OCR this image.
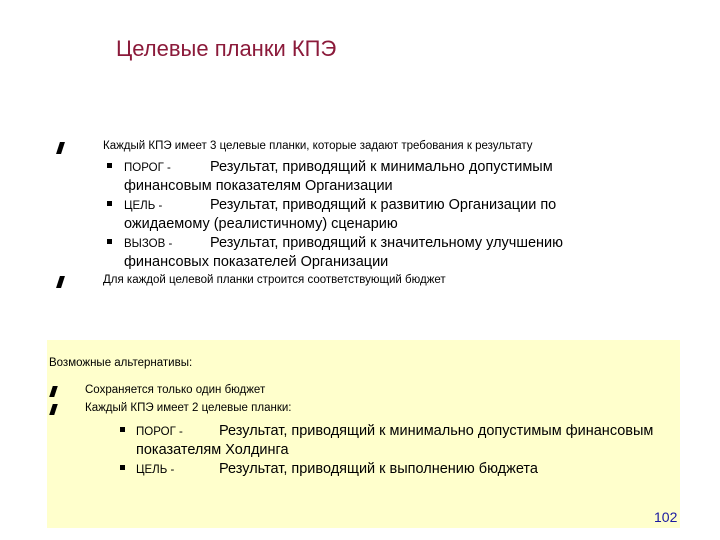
Целевые планки КПЭ
Каждый КПЭ имеет 3 целевые планки, которые задают требования к результату
ПОРОГ -	Результат, приводящий к минимально допустимым
финансовым показателям Организации
ЦЕЛЬ -	Результат, приводящий к развитию Организации по
ожидаемому (реалистичному) сценарию
ВЫЗОВ -	Результат, приводящий к значительному улучшению
финансовых показателей Организации
Для каждой целевой планки строится соответствующий бюджет
Возможные альтернативы:
Сохраняется только один бюджет
Каждый КПЭ имеет 2 целевые планки:
ПОРОГ - Результат, приводящий к минимально допустимым финансовым
показателям Холдинга
ЦЕЛЬ -	Результат, приводящий к выполнению бюджета
102
